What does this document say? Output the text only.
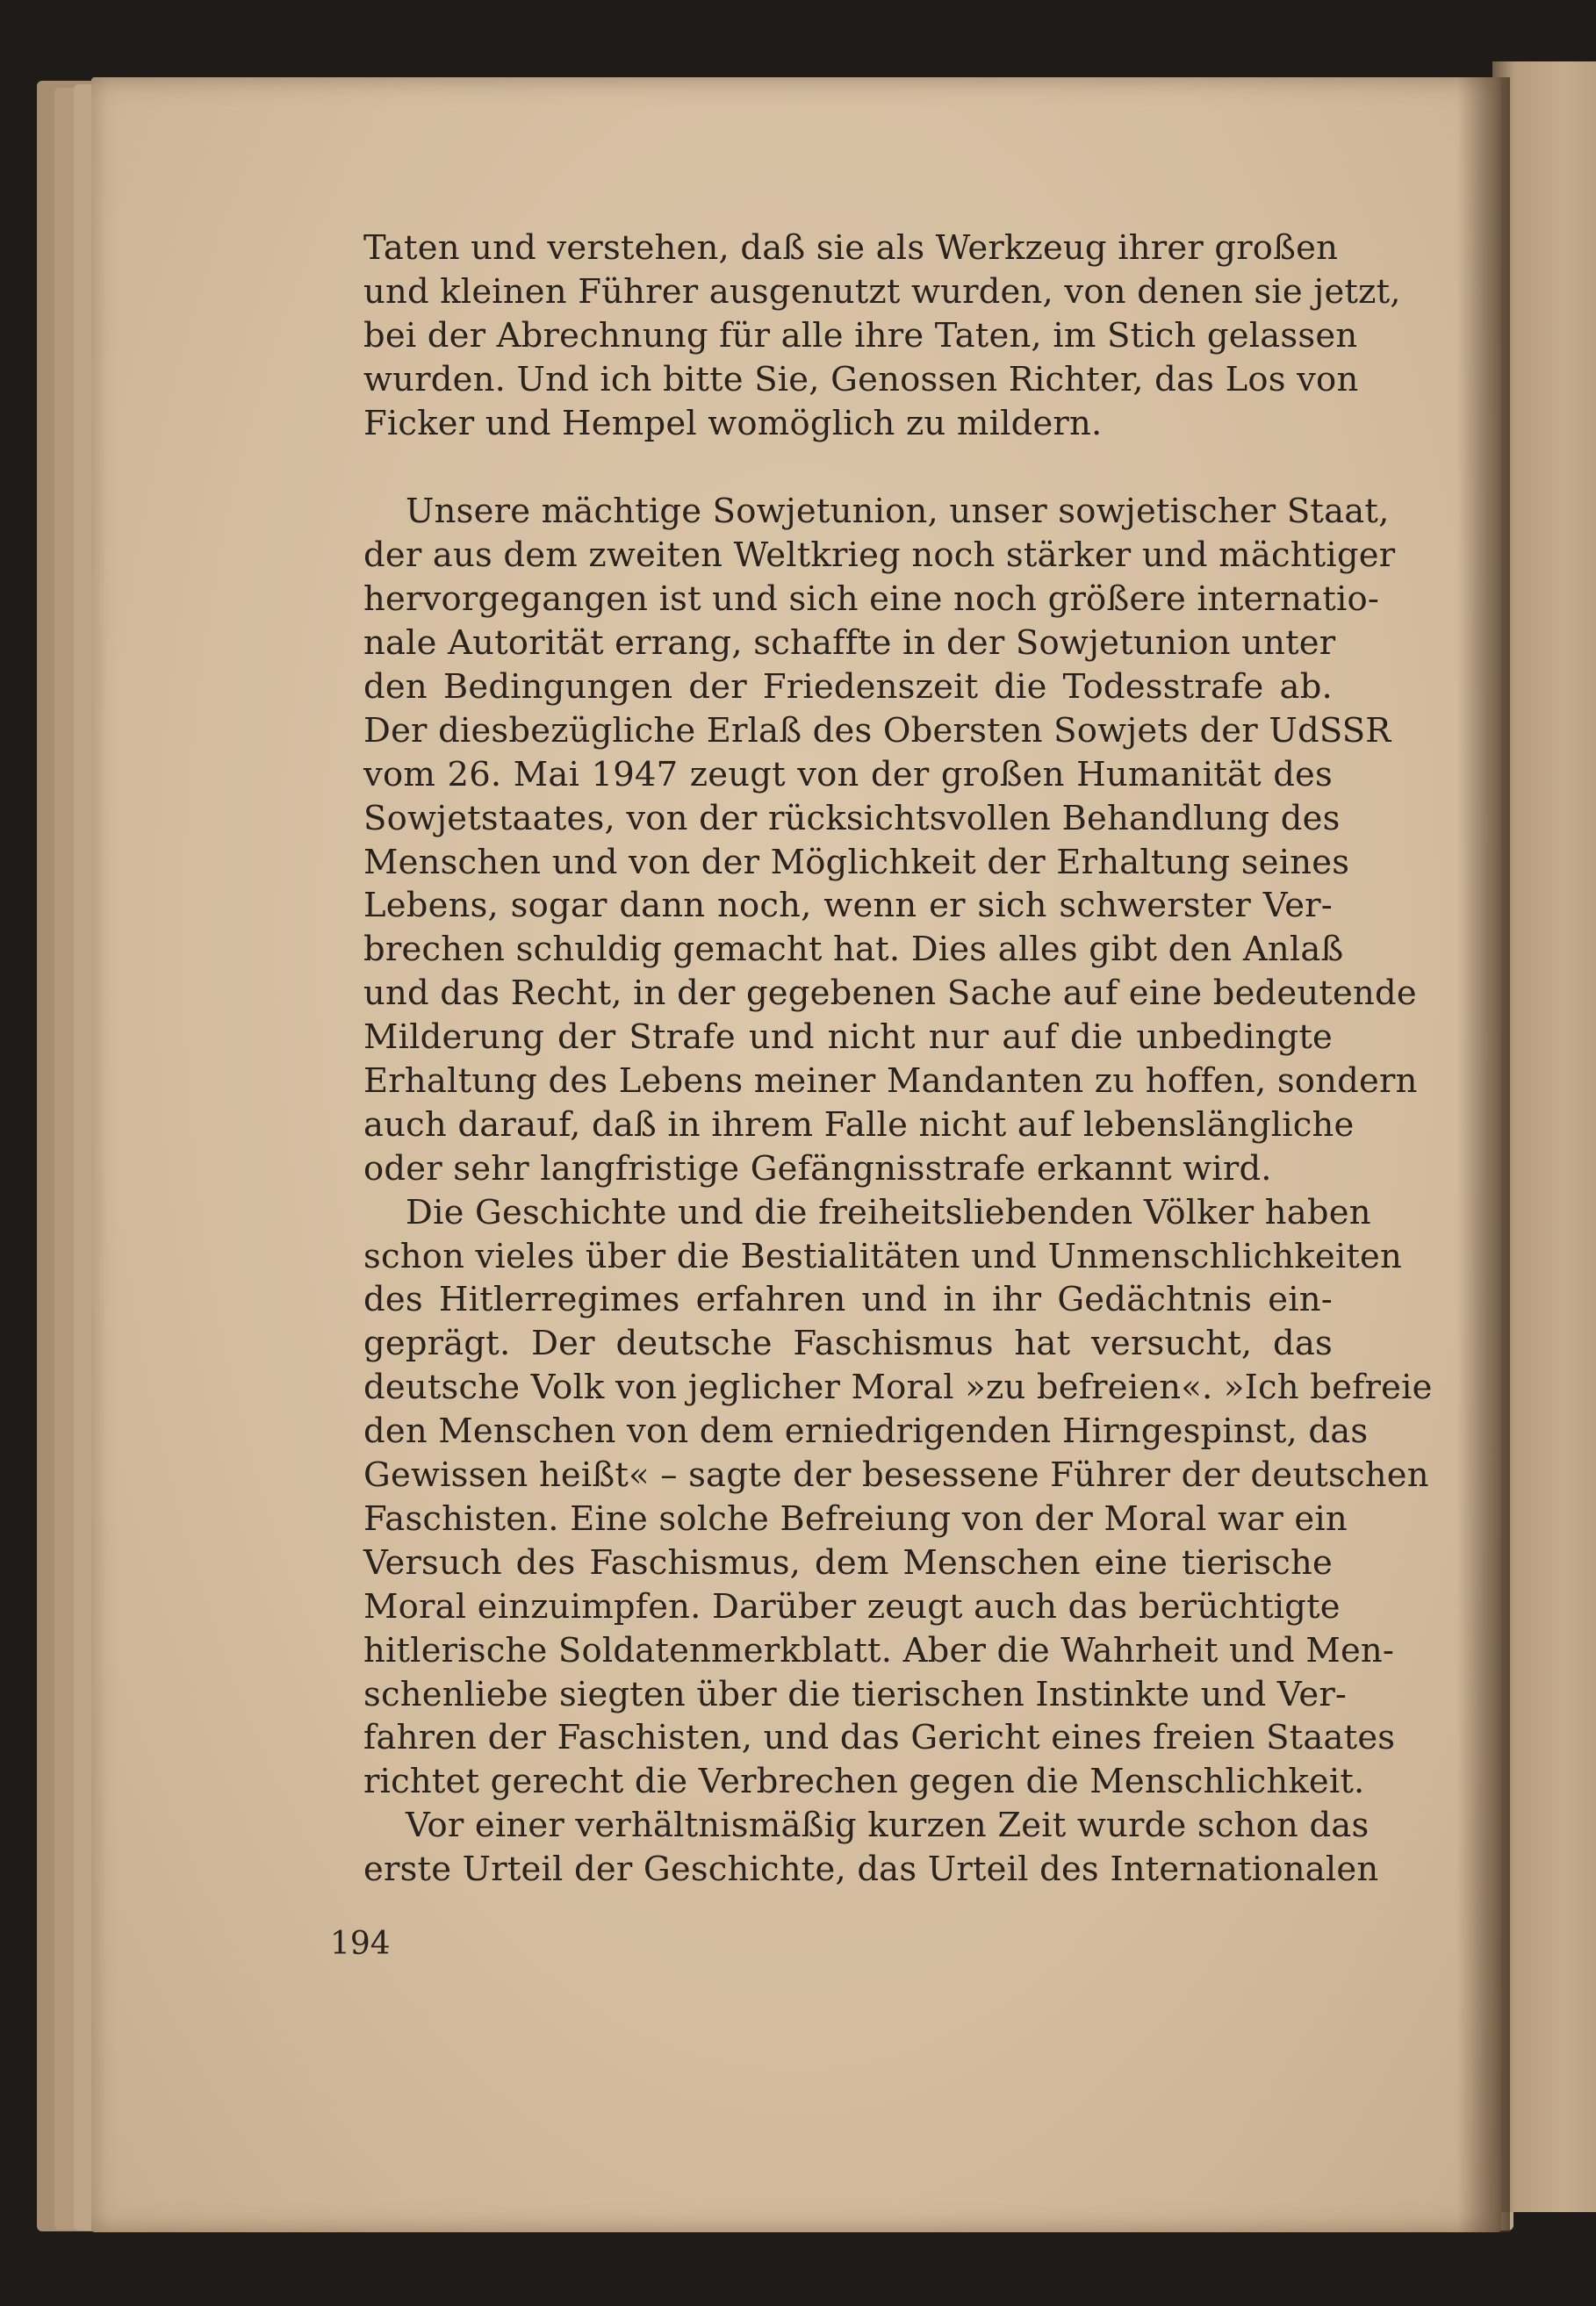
Taten und verstehen, daß sie als Werkzeug ihrer großen
und kleinen Führer ausgenutzt wurden, von denen sie jetzt,
bei der Abrechnung für alle ihre Taten, im Stich gelassen
wurden. Und ich bitte Sie, Genossen Richter, das Los von
Ficker und Hempel womöglich zu mildern.
Unsere mächtige Sowjetunion, unser sowjetischer Staat,
der aus dem zweiten Weltkrieg noch stärker und mächtiger
hervorgegangen ist und sich eine noch größere internatio-
nale Autorität errang, schaffte in der Sowjetunion unter
den Bedingungen der Friedenszeit die Todesstrafe ab.
Der diesbezügliche Erlaß des Obersten Sowjets der UdSSR
vom 26. Mai 1947 zeugt von der großen Humanität des
Sowjetstaates, von der rücksichtsvollen Behandlung des
Menschen und von der Möglichkeit der Erhaltung seines
Lebens, sogar dann noch, wenn er sich schwerster Ver-
brechen schuldig gemacht hat. Dies alles gibt den Anlaß
und das Recht, in der gegebenen Sache auf eine bedeutende
Milderung der Strafe und nicht nur auf die unbedingte
Erhaltung des Lebens meiner Mandanten zu hoffen, sondern
auch darauf, daß in ihrem Falle nicht auf lebenslängliche
oder sehr langfristige Gefängnisstrafe erkannt wird.
Die Geschichte und die freiheitsliebenden Völker haben
schon vieles über die Bestialitäten und Unmenschlichkeiten
des Hitlerregimes erfahren und in ihr Gedächtnis ein-
geprägt. Der deutsche Faschismus hat versucht, das
deutsche Volk von jeglicher Moral »zu befreien«. »Ich befreie
den Menschen von dem erniedrigenden Hirngespinst, das
Gewissen heißt« – sagte der besessene Führer der deutschen
Faschisten. Eine solche Befreiung von der Moral war ein
Versuch des Faschismus, dem Menschen eine tierische
Moral einzuimpfen. Darüber zeugt auch das berüchtigte
hitlerische Soldatenmerkblatt. Aber die Wahrheit und Men-
schenliebe siegten über die tierischen Instinkte und Ver-
fahren der Faschisten, und das Gericht eines freien Staates
richtet gerecht die Verbrechen gegen die Menschlichkeit.
Vor einer verhältnismäßig kurzen Zeit wurde schon das
erste Urteil der Geschichte, das Urteil des Internationalen
194
